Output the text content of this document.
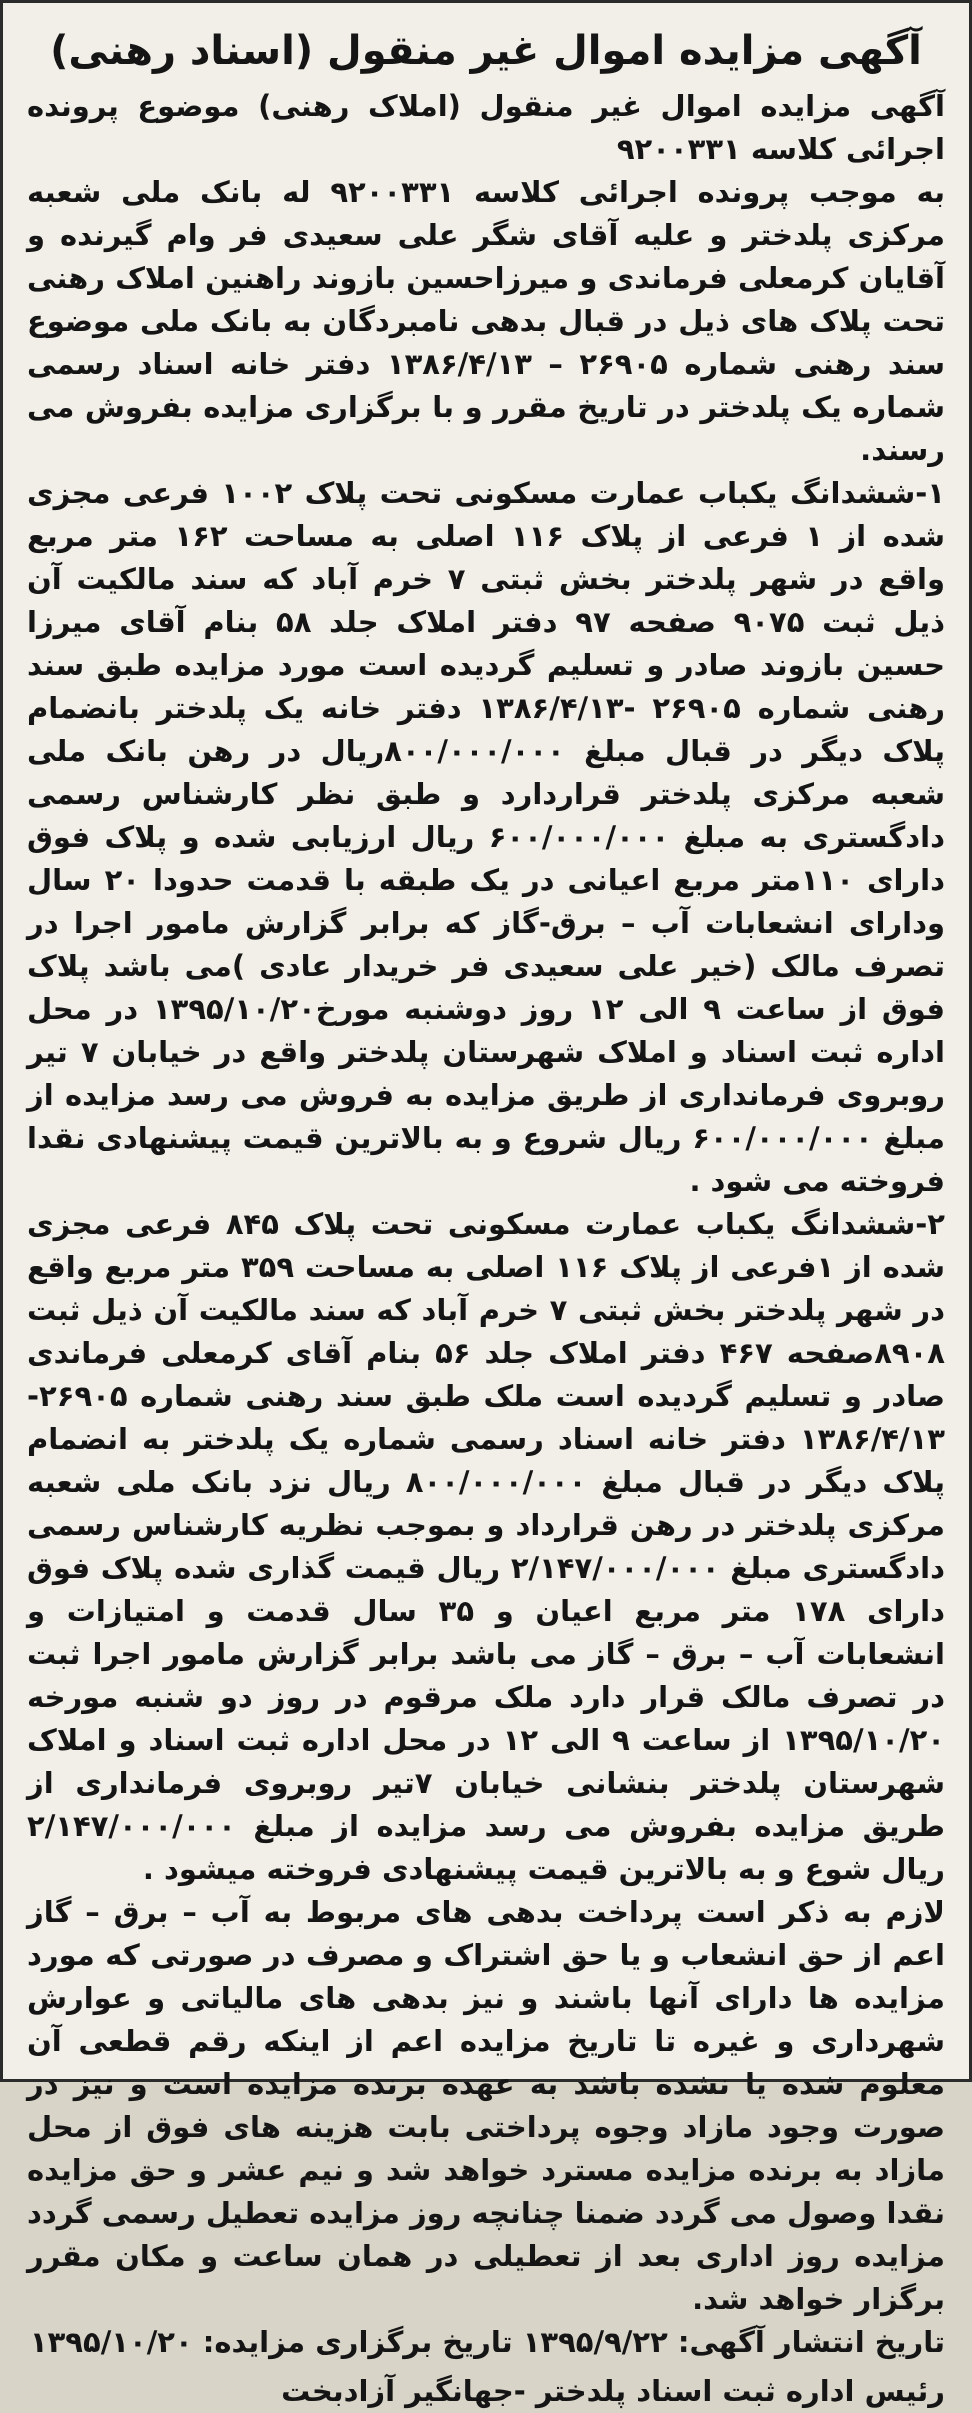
آگهی مزایده اموال غیر منقول (اسناد رهنی)

آگهی مزایده اموال غیر منقول (املاک رهنی) موضوع پرونده اجرائی کلاسه ۹۲۰۰۳۳۱

به موجب پرونده اجرائی کلاسه ۹۲۰۰۳۳۱ له بانک ملی شعبه مرکزی پلدختر و علیه آقای شگر علی سعیدی فر وام گیرنده و آقایان کرمعلی فرماندی و میرزاحسین بازوند راهنین املاک رهنی تحت پلاک های ذیل در قبال بدهی نامبردگان به بانک ملی موضوع سند رهنی شماره ۲۶۹۰۵ – ۱۳۸۶/۴/۱۳ دفتر خانه اسناد رسمی شماره یک پلدختر در تاریخ مقرر و با برگزاری مزایده بفروش می رسند.

۱-ششدانگ یکباب عمارت مسکونی تحت پلاک ۱۰۰۲ فرعی مجزی شده از ۱ فرعی از پلاک ۱۱۶ اصلی به مساحت ۱۶۲ متر مربع واقع در شهر پلدختر بخش ثبتی ۷ خرم آباد که سند مالکیت آن ذیل ثبت ۹۰۷۵ صفحه ۹۷ دفتر املاک جلد ۵۸ بنام آقای میرزا حسین بازوند صادر و تسلیم گردیده است مورد مزایده طبق سند رهنی شماره ۲۶۹۰۵ -۱۳۸۶/۴/۱۳ دفتر خانه یک پلدختر بانضمام پلاک دیگر در قبال مبلغ ۸۰۰/۰۰۰/۰۰۰ریال در رهن بانک ملی شعبه مرکزی پلدختر قراردارد و طبق نظر کارشناس رسمی دادگستری به مبلغ ۶۰۰/۰۰۰/۰۰۰ ریال ارزیابی شده و پلاک فوق دارای ۱۱۰متر مربع اعیانی در یک طبقه با قدمت حدودا ۲۰ سال ودارای انشعابات آب – برق-گاز که برابر گزارش مامور اجرا در تصرف مالک (خیر علی سعیدی فر خریدار عادی )می باشد پلاک فوق از ساعت ۹ الی ۱۲ روز دوشنبه مورخ۱۳۹۵/۱۰/۲۰ در محل اداره ثبت اسناد و املاک شهرستان پلدختر واقع در خیابان ۷ تیر روبروی فرمانداری از طریق مزایده به فروش می رسد مزایده از مبلغ ۶۰۰/۰۰۰/۰۰۰ ریال شروع و به بالاترین قیمت پیشنهادی نقدا فروخته می شود .

۲-ششدانگ یکباب عمارت مسکونی تحت پلاک ۸۴۵ فرعی مجزی شده از ۱فرعی از پلاک ۱۱۶ اصلی به مساحت ۳۵۹ متر مربع واقع در شهر پلدختر بخش ثبتی ۷ خرم آباد که سند مالکیت آن ذیل ثبت ۸۹۰۸صفحه ۴۶۷ دفتر املاک جلد ۵۶ بنام آقای کرمعلی فرماندی صادر و تسلیم گردیده است ملک طبق سند رهنی شماره ۲۶۹۰۵- ۱۳۸۶/۴/۱۳ دفتر خانه اسناد رسمی شماره یک پلدختر به انضمام پلاک دیگر در قبال مبلغ ۸۰۰/۰۰۰/۰۰۰ ریال نزد بانک ملی شعبه مرکزی پلدختر در رهن قرارداد و بموجب نظریه کارشناس رسمی دادگستری مبلغ ۲/۱۴۷/۰۰۰/۰۰۰ ریال قیمت گذاری شده پلاک فوق دارای ۱۷۸ متر مربع اعیان و ۳۵ سال قدمت و امتیازات و انشعابات آب – برق – گاز می باشد برابر گزارش مامور اجرا ثبت در تصرف مالک قرار دارد ملک مرقوم در روز دو شنبه مورخه ۱۳۹۵/۱۰/۲۰ از ساعت ۹ الی ۱۲ در محل اداره ثبت اسناد و املاک شهرستان پلدختر بنشانی خیابان ۷تیر روبروی فرمانداری از طریق مزایده بفروش می رسد مزایده از مبلغ ۲/۱۴۷/۰۰۰/۰۰۰ ریال شوع و به بالاترین قیمت پیشنهادی فروخته میشود .

لازم به ذکر است پرداخت بدهی های مربوط به آب – برق – گاز اعم از حق انشعاب و یا حق اشتراک و مصرف در صورتی که مورد مزایده ها دارای آنها باشند و نیز بدهی های مالیاتی و عوارش شهرداری و غیره تا تاریخ مزایده اعم از اینکه رقم قطعی آن معلوم شده یا نشده باشد به عهده برنده مزایده است و نیز در صورت وجود مازاد وجوه پرداختی بابت هزینه های فوق از محل مازاد به برنده مزایده مسترد خواهد شد و نیم عشر و حق مزایده نقدا وصول می گردد ضمنا چنانچه روز مزایده تعطیل رسمی گردد مزایده روز اداری بعد از تعطیلی در همان ساعت و مکان مقرر برگزار خواهد شد.

تاریخ انتشار آگهی: ۱۳۹۵/۹/۲۲ تاریخ برگزاری مزایده: ۱۳۹۵/۱۰/۲۰

رئیس اداره ثبت اسناد پلدختر -جهانگیر آزادبخت
